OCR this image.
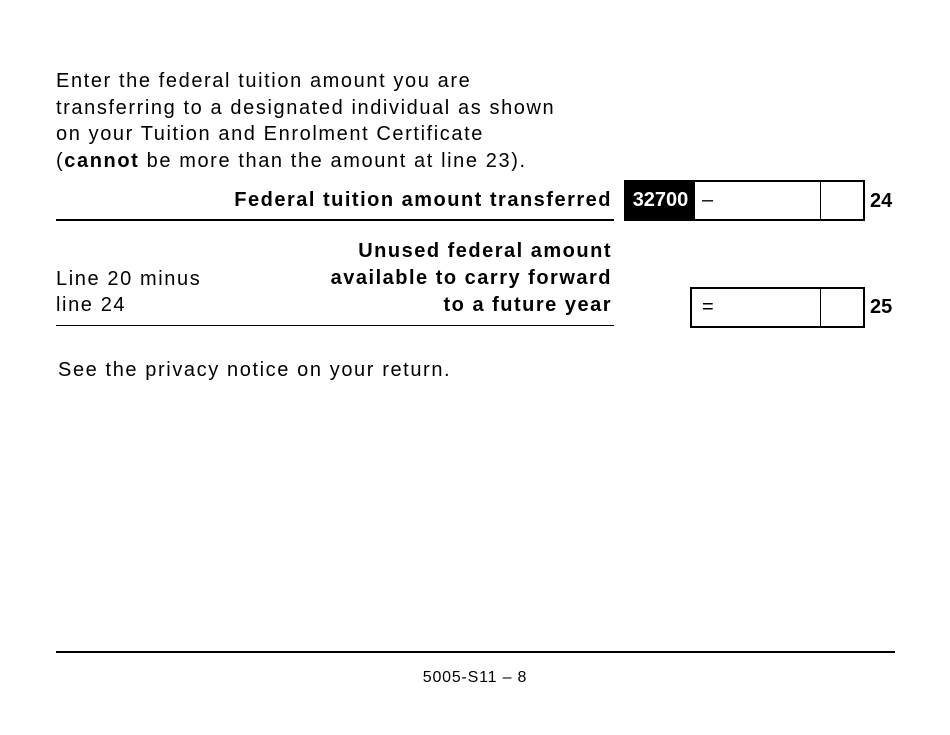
Enter the federal tuition amount you are
transferring to a designated individual as shown
on your Tuition and Enrolment Certificate
(cannot be more than the amount at line 23).
Federal tuition amount transferred	32700 –	24
Line 20 minus
line 24
Unused federal amount
available to carry forward
to a future year	=	25
See the privacy notice on your return.
5005-S11 – 8
